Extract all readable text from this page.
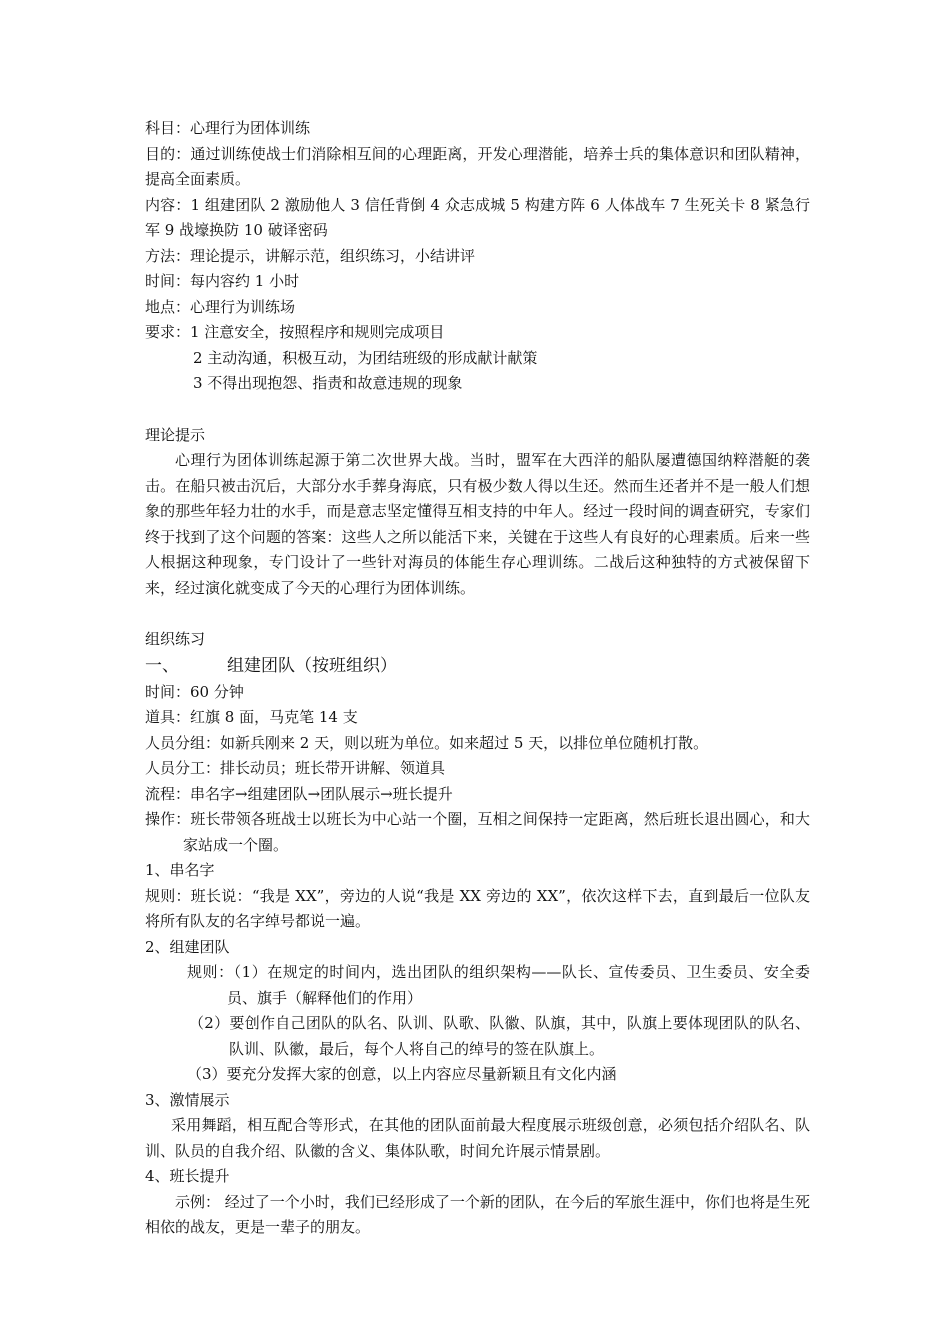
科目：心理行为团体训练
目的：通过训练使战士们消除相互间的心理距离，开发心理潜能，培养士兵的集体意识和团队精神，提高全面素质。
内容：1 组建团队 2 激励他人 3 信任背倒 4 众志成城 5 构建方阵 6 人体战车 7 生死关卡 8 紧急行军 9 战壕换防 10 破译密码
方法：理论提示，讲解示范，组织练习，小结讲评
时间：每内容约 1 小时
地点：心理行为训练场
要求：1 注意安全，按照程序和规则完成项目
2 主动沟通，积极互动，为团结班级的形成献计献策
3 不得出现抱怨、指责和故意违规的现象
理论提示
心理行为团体训练起源于第二次世界大战。当时，盟军在大西洋的船队屡遭德国纳粹潜艇的袭击。在船只被击沉后，大部分水手葬身海底，只有极少数人得以生还。然而生还者并不是一般人们想象的那些年轻力壮的水手，而是意志坚定懂得互相支持的中年人。经过一段时间的调查研究，专家们终于找到了这个问题的答案：这些人之所以能活下来，关键在于这些人有良好的心理素质。后来一些人根据这种现象，专门设计了一些针对海员的体能生存心理训练。二战后这种独特的方式被保留下来，经过演化就变成了今天的心理行为团体训练。
组织练习
一、	组建团队（按班组织）
时间：60 分钟
道具：红旗 8 面，马克笔 14 支
人员分组：如新兵刚来 2 天，则以班为单位。如来超过 5 天，以排位单位随机打散。
人员分工：排长动员；班长带开讲解、领道具
流程：串名字→组建团队→团队展示→班长提升
操作：班长带领各班战士以班长为中心站一个圈，互相之间保持一定距离，然后班长退出圆心，和大家站成一个圈。
1、串名字
规则：班长说：“我是 XX”，旁边的人说“我是 XX 旁边的 XX”，依次这样下去，直到最后一位队友将所有队友的名字绰号都说一遍。
2、组建团队
规则：（1）在规定的时间内，选出团队的组织架构——队长、宣传委员、卫生委员、安全委员、旗手（解释他们的作用）
（2）要创作自己团队的队名、队训、队歌、队徽、队旗，其中，队旗上要体现团队的队名、队训、队徽，最后，每个人将自己的绰号的签在队旗上。
（3）要充分发挥大家的创意，以上内容应尽量新颖且有文化内涵
3、激情展示
采用舞蹈，相互配合等形式，在其他的团队面前最大程度展示班级创意，必须包括介绍队名、队训、队员的自我介绍、队徽的含义、集体队歌，时间允许展示情景剧。
4、班长提升
示例： 经过了一个小时，我们已经形成了一个新的团队，在今后的军旅生涯中，你们也将是生死相依的战友，更是一辈子的朋友。
